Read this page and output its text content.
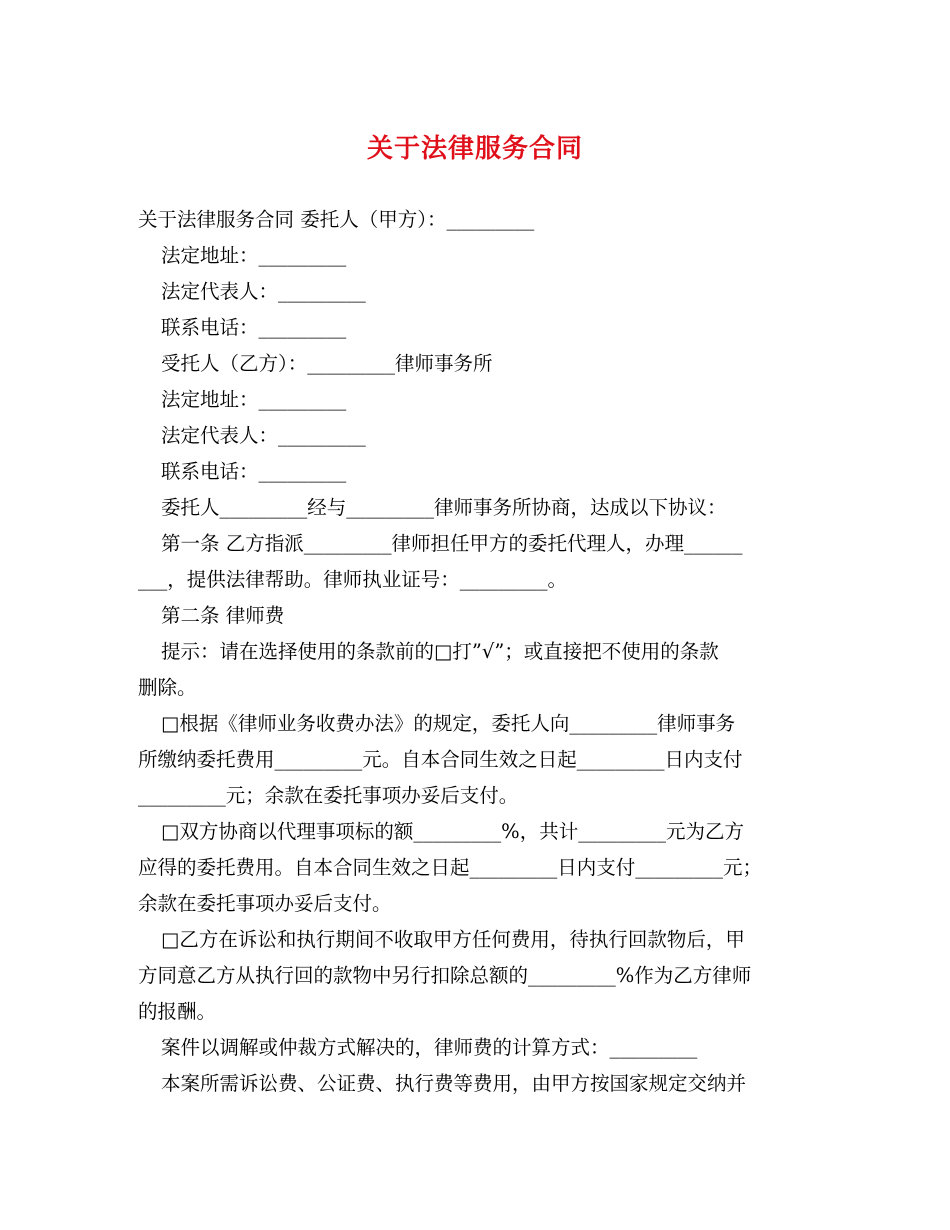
关于法律服务合同
关于法律服务合同 委托人（甲方）：_________
法定地址：_________
法定代表人：_________
联系电话：_________
受托人（乙方）：_________律师事务所
法定地址：_________
法定代表人：_________
联系电话：_________
委托人_________经与_________律师事务所协商，达成以下协议：
第一条 乙方指派_________律师担任甲方的委托代理人，办理______
___，提供法律帮助。律师执业证号：_________。
第二条 律师费
提示：请在选择使用的条款前的□打”√”；或直接把不使用的条款
删除。
□根据《律师业务收费办法》的规定，委托人向_________律师事务
所缴纳委托费用_________元。自本合同生效之日起_________日内支付
_________元；余款在委托事项办妥后支付。
□双方协商以代理事项标的额_________%，共计_________元为乙方
应得的委托费用。自本合同生效之日起_________日内支付_________元；
余款在委托事项办妥后支付。
□乙方在诉讼和执行期间不收取甲方任何费用，待执行回款物后，甲
方同意乙方从执行回的款物中另行扣除总额的_________%作为乙方律师
的报酬。
案件以调解或仲裁方式解决的，律师费的计算方式：_________
本案所需诉讼费、公证费、执行费等费用，由甲方按国家规定交纳并
